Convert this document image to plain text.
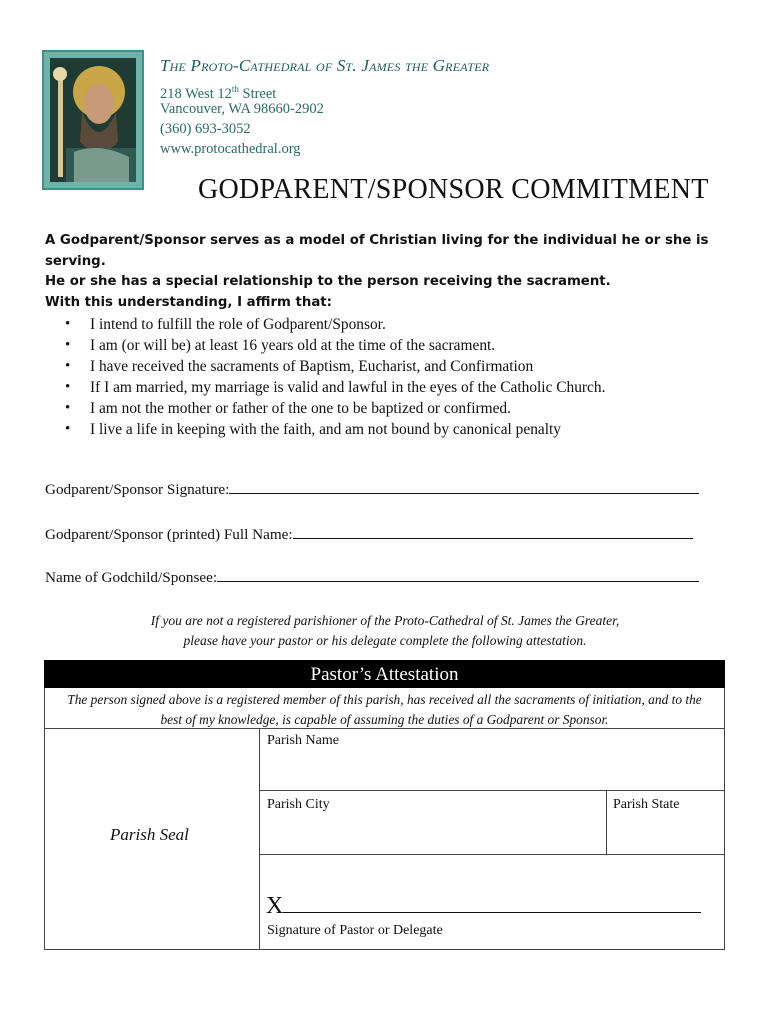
The Proto-Cathedral of St. James the Greater
218 West 12th Street
Vancouver, WA 98660-2902
(360) 693-3052
www.protocathedral.org
GODPARENT/SPONSOR COMMITMENT
A Godparent/Sponsor serves as a model of Christian living for the individual he or she is serving.
He or she has a special relationship to the person receiving the sacrament.
With this understanding, I affirm that:
• I intend to fulfill the role of Godparent/Sponsor.
• I am (or will be) at least 16 years old at the time of the sacrament.
• I have received the sacraments of Baptism, Eucharist, and Confirmation
• If I am married, my marriage is valid and lawful in the eyes of the Catholic Church.
• I am not the mother or father of the one to be baptized or confirmed.
• I live a life in keeping with the faith, and am not bound by canonical penalty
Godparent/Sponsor Signature:
Godparent/Sponsor (printed) Full Name:
Name of Godchild/Sponsee:
If you are not a registered parishioner of the Proto-Cathedral of St. James the Greater,
please have your pastor or his delegate complete the following attestation.
Pastor’s Attestation
The person signed above is a registered member of this parish, has received all the sacraments of initiation, and to the
best of my knowledge, is capable of assuming the duties of a Godparent or Sponsor.
Parish Seal
Parish Name
Parish City	Parish State
X
Signature of Pastor or Delegate
